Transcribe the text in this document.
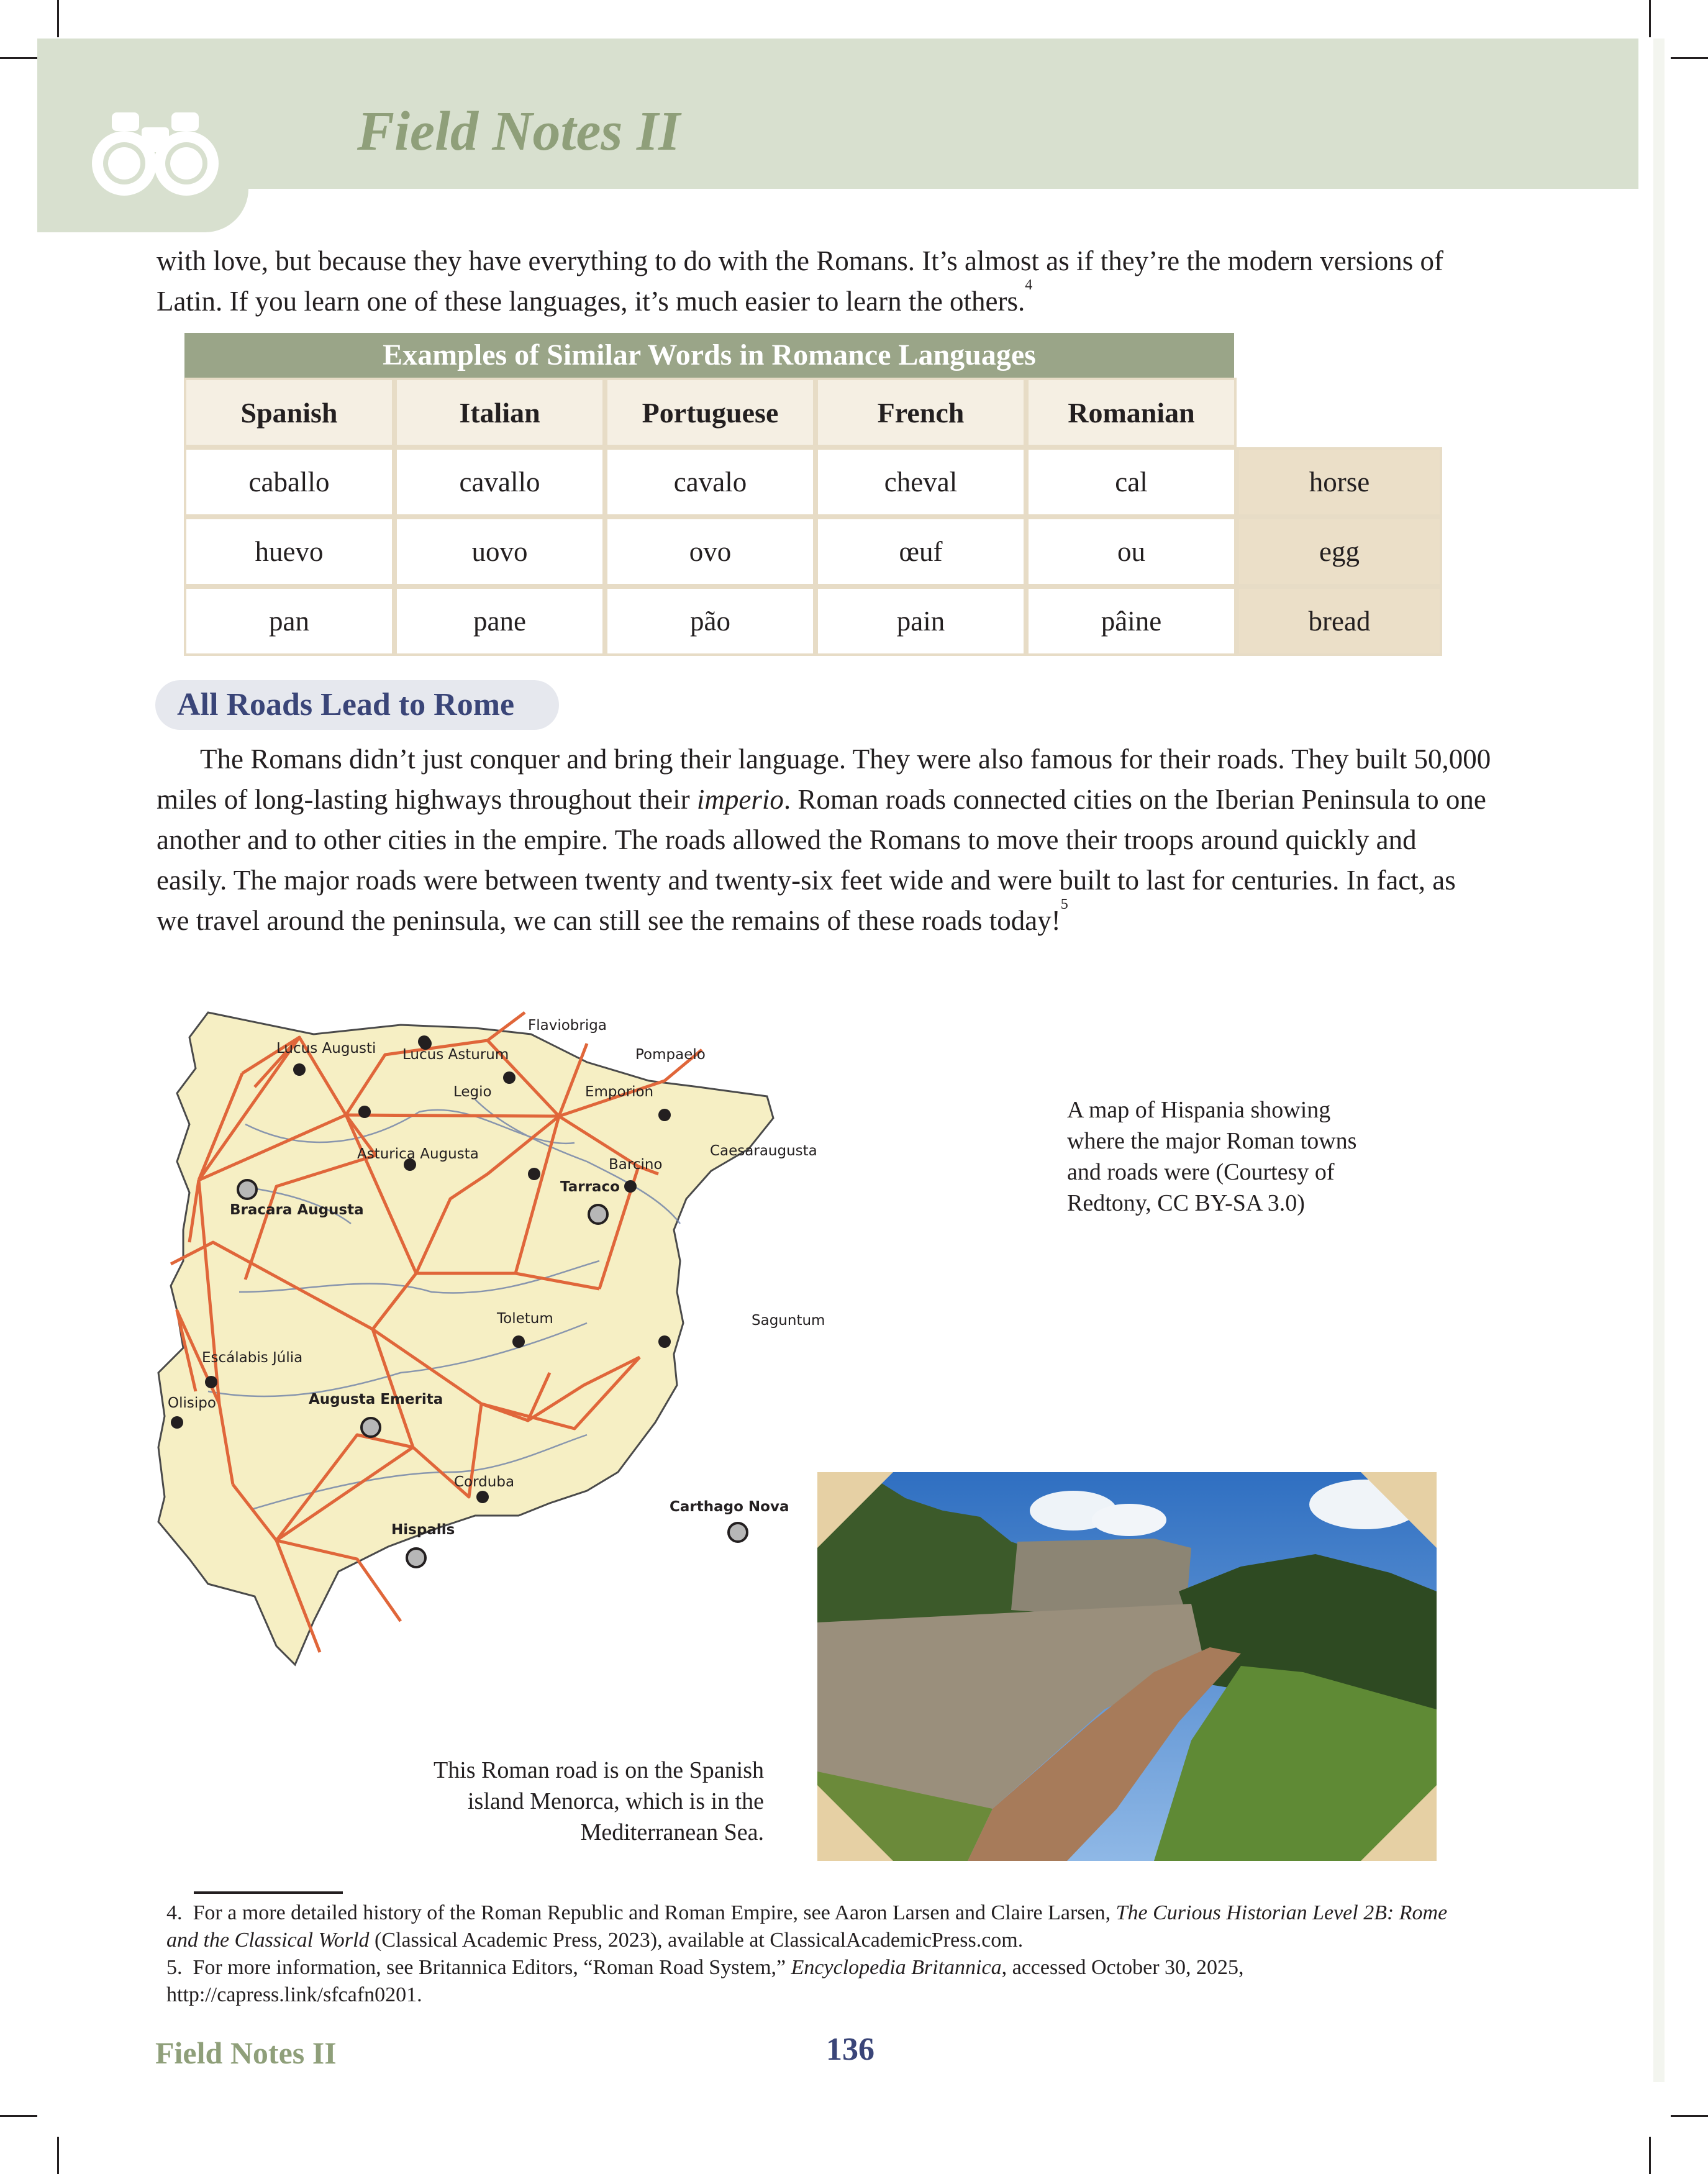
Field Notes II
with love, but because they have everything to do with the Romans. It’s almost as if they’re the modern versions of Latin. If you learn one of these languages, it’s much easier to learn the others.$^4$
Examples of Similar Words in Romance Languages
Spanish	Italian	Portuguese	French	Romanian	
caballo	cavallo	cavalo	cheval	cal	horse
huevo	uovo	ovo	œuf	ou	egg
pan	pane	pão	pain	pâine	bread
All Roads Lead to Rome
The Romans didn’t just conquer and bring their language. They were also famous for their roads. They built 50,000 miles of long-lasting highways throughout their imperio. Roman roads connected cities on the Iberian Peninsula to one another and to other cities in the empire. The roads allowed the Romans to move their troops around quickly and easily. The major roads were between twenty and twenty-six feet wide and were built to last for centuries. In fact, as we travel around the peninsula, we can still see the remains of these roads today!$^5$
Flaviobriga
Lucus Augusti Lucus Asturum	Pompaelo
Emporion
Legio
Asturica Augusta	Caesaraugusta
Barcino
Tarraco
Bracara Augusta
Toletum	Saguntum
Escálabis Júlia
Olisipo	Augusta Emerita
Corduba
Carthago Nova
Hispalis
A map of Hispania showing where the major Roman towns and roads were (Courtesy of Redtony, CC BY-SA 3.0)
This Roman road is on the Spanish island Menorca, which is in the Mediterranean Sea.
4. For a more detailed history of the Roman Republic and Roman Empire, see Aaron Larsen and Claire Larsen, The Curious Historian Level 2B: Rome and the Classical World (Classical Academic Press, 2023), available at ClassicalAcademicPress.com.
5. For more information, see Britannica Editors, “Roman Road System,” Encyclopedia Britannica, accessed October 30, 2025, http://capress.link/sfcafn0201.
Field Notes II	136
